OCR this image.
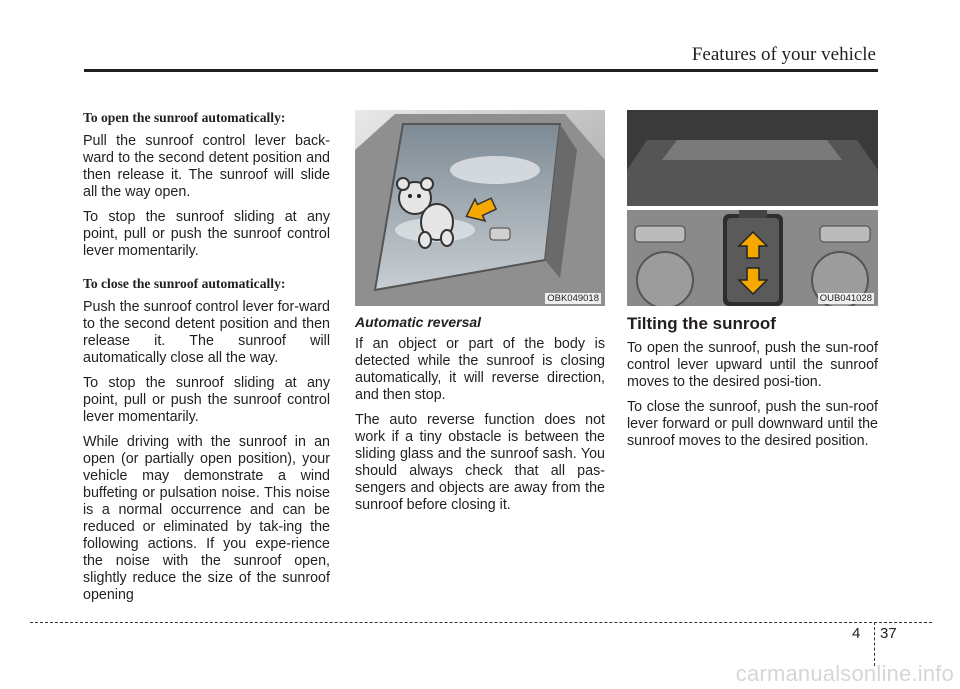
Features of your vehicle

To open the sunroof automatically:

Pull the sunroof control lever back-ward to the second detent position and then release it. The sunroof will slide all the way open.

To stop the sunroof sliding at any point, pull or push the sunroof control lever momentarily.

To close the sunroof automatically:

Push the sunroof control lever for-ward to the second detent position and then release it. The sunroof will automatically close all the way.

To stop the sunroof sliding at any point, pull or push the sunroof control lever momentarily.

While driving with the sunroof in an open (or partially open position), your vehicle may demonstrate a wind buffeting or pulsation noise. This noise is a normal occurrence and can be reduced or eliminated by tak-ing the following actions. If you expe-rience the noise with the sunroof open, slightly reduce the size of the sunroof opening

OBK049018

Automatic reversal

If an object or part of the body is detected while the sunroof is closing automatically, it will reverse direction, and then stop.

The auto reverse function does not work if a tiny obstacle is between the sliding glass and the sunroof sash. You should always check that all pas-sengers and objects are away from the sunroof before closing it.

OUB041028

Tilting the sunroof

To open the sunroof, push the sun-roof control lever upward until the sunroof moves to the desired posi-tion.

To close the sunroof, push the sun-roof lever forward or pull downward until the sunroof moves to the desired position.

4 37
carmanualsonline.info
